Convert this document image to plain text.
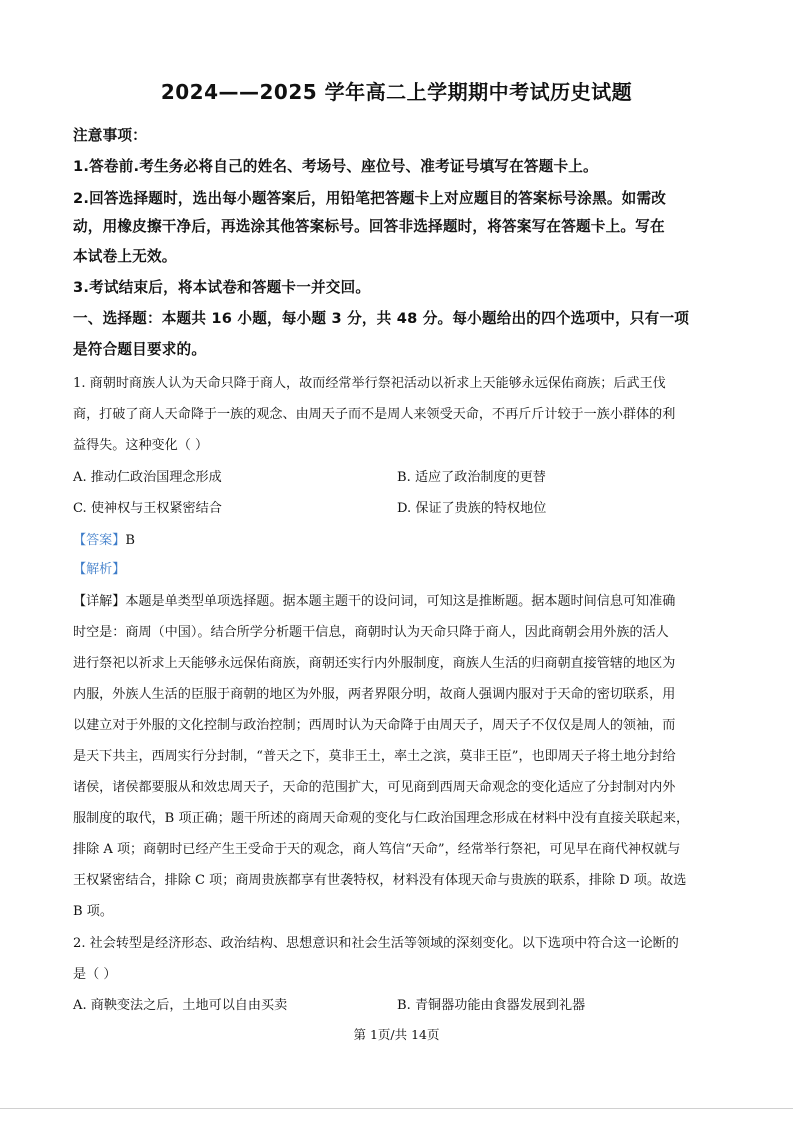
2024——2025 学年高二上学期期中考试历史试题
注意事项：
1.答卷前.考生务必将自己的姓名、考场号、座位号、准考证号填写在答题卡上。
2.回答选择题时，选出每小题答案后，用铅笔把答题卡上对应题目的答案标号涂黑。如需改
动，用橡皮擦干净后，再选涂其他答案标号。回答非选择题时，将答案写在答题卡上。写在
本试卷上无效。
3.考试结束后，将本试卷和答题卡一并交回。
一、选择题：本题共 16 小题，每小题 3 分，共 48 分。每小题给出的四个选项中，只有一项
是符合题目要求的。
1. 商朝时商族人认为天命只降于商人，故而经常举行祭祀活动以祈求上天能够永远保佑商族；后武王伐
商，打破了商人天命降于一族的观念、由周天子而不是周人来领受天命，不再斤斤计较于一族小群体的利
益得失。这种变化（ ）
A. 推动仁政治国理念形成	B. 适应了政治制度的更替
C. 使神权与王权紧密结合	D. 保证了贵族的特权地位
【答案】B
【解析】
【详解】本题是单类型单项选择题。据本题主题干的设问词，可知这是推断题。据本题时间信息可知准确
时空是：商周（中国）。结合所学分析题干信息，商朝时认为天命只降于商人，因此商朝会用外族的活人
进行祭祀以祈求上天能够永远保佑商族，商朝还实行内外服制度，商族人生活的归商朝直接管辖的地区为
内服，外族人生活的臣服于商朝的地区为外服，两者界限分明，故商人强调内服对于天命的密切联系，用
以建立对于外服的文化控制与政治控制；西周时认为天命降于由周天子，周天子不仅仅是周人的领袖，而
是天下共主，西周实行分封制，“普天之下，莫非王土，率土之滨，莫非王臣”，也即周天子将土地分封给
诸侯，诸侯都要服从和效忠周天子，天命的范围扩大，可见商到西周天命观念的变化适应了分封制对内外
服制度的取代，B 项正确；题干所述的商周天命观的变化与仁政治国理念形成在材料中没有直接关联起来，
排除 A 项；商朝时已经产生王受命于天的观念，商人笃信“天命”，经常举行祭祀，可见早在商代神权就与
王权紧密结合，排除 C 项；商周贵族都享有世袭特权，材料没有体现天命与贵族的联系，排除 D 项。故选
B 项。
2. 社会转型是经济形态、政治结构、思想意识和社会生活等领域的深刻变化。以下选项中符合这一论断的
是（ ）
A. 商鞅变法之后，土地可以自由买卖	B. 青铜器功能由食器发展到礼器
第 1页/共 14页
